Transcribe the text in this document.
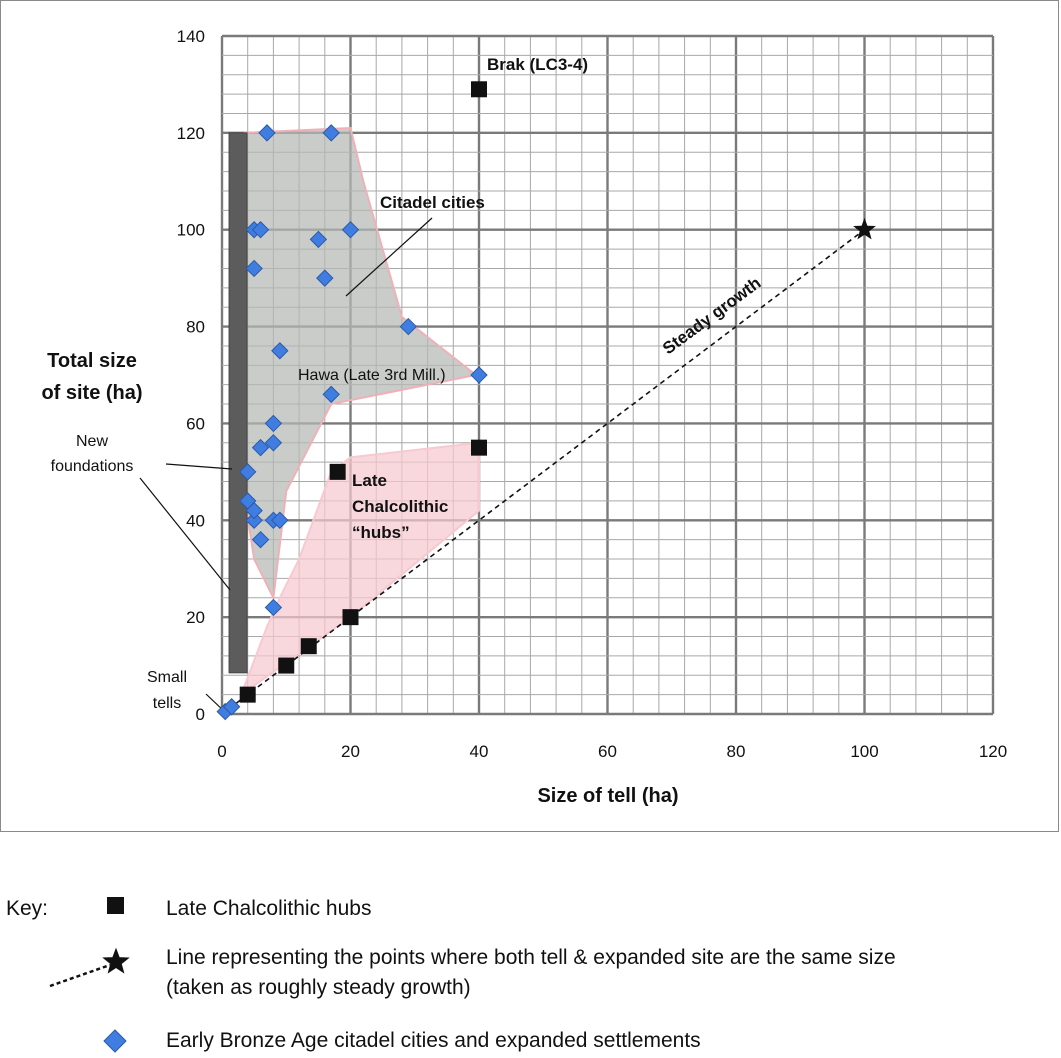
0	20	40	60	80	100	120
0
20
40
60
80
100
120
140
Size of tell (ha)
Total size
of site (ha)
Brak (LC3-4)
Citadel cities
Steady growth
Hawa (Late 3rd Mill.)
Late
Chalcolithic
“hubs”
New
foundations
Small
tells
Key:	Late Chalcolithic hubs
Line representing the points where both tell & expanded site are the same size
(taken as roughly steady growth)
Early Bronze Age citadel cities and expanded settlements
